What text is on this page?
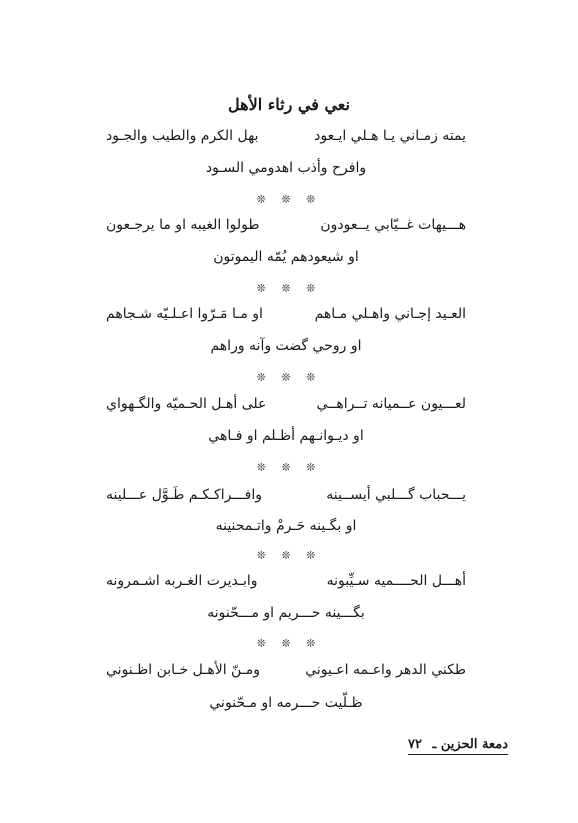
نعي في رثاء الأهل
يمته زمـاني يـا هـلي ايـعود
بهل الكرم والطيب والجـود
وافرح وأذب اهدومي السـود
❊ ❊ ❊
هـــيهات غــيّابي يــعودون
طولوا الغيبه او ما يرجـعون
او شيعودهم يُمّه اليموتون
❊ ❊ ❊
العـيد إجـاني واهـلي مـاهم
او مـا مَـرّوا اعـلـيّه شـجاهم
او روحي گضت وآنه وراهم
❊ ❊ ❊
لعـــيون عــميانه تــراهــي
على أهـل الحـميّه والگـهواي
او ديـوانـهم أظـلم او فـاهي
❊ ❊ ❊
يـــحباب گـــلبي أيســينه
وافـــراكـكـم طَـوَّل عـــلينه
او بگـينه حَـرمْ واتـمحنينه
❊ ❊ ❊
أهـــل الحــــميه سـيِّبونه
وابـديرت الغـربه اشـمرونه
بگـــينه حـــريم او مـــحّنونه
❊ ❊ ❊
طكني الدهر واعـمه اعـيوني
ومـنّ الأهـل خـابن اظـنوني
ظـلّيت حـــرمه او مـحّنوني
دمعة الحزين ـ ٧٢
